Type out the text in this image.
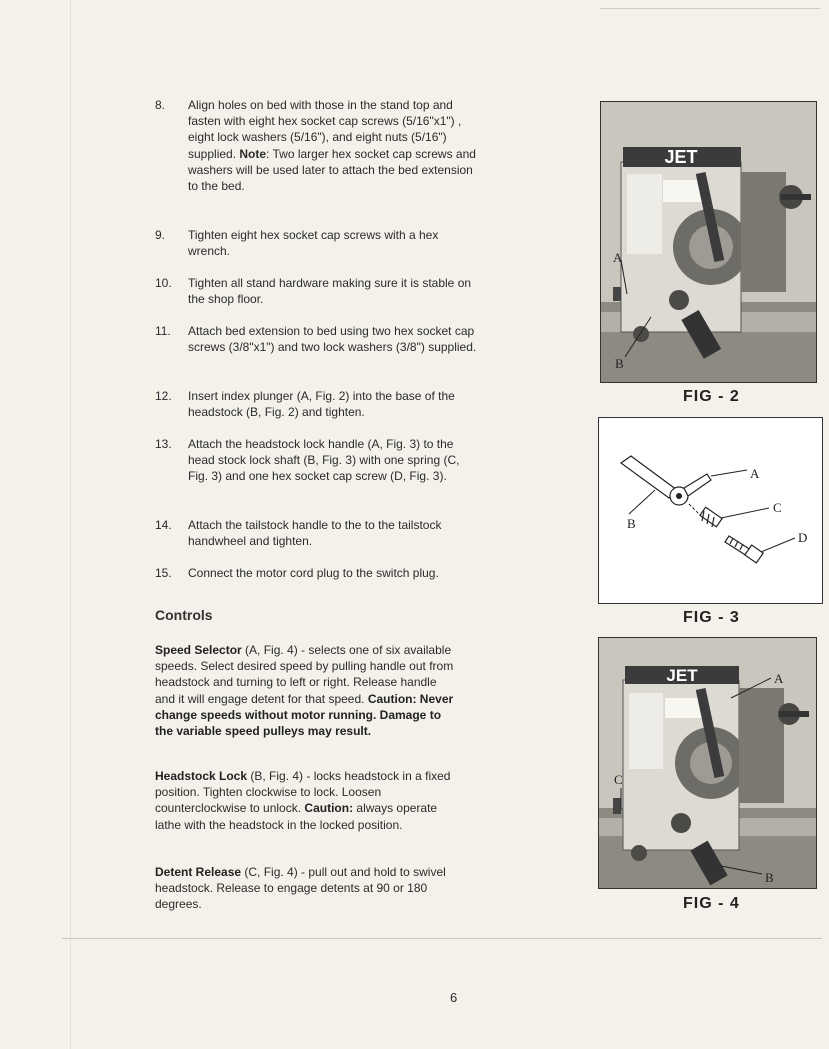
8.	Align holes on bed with those in the stand top and fasten with eight hex socket cap screws (5/16"x1") , eight lock washers (5/16"), and eight nuts (5/16") supplied. Note: Two larger hex socket cap screws and washers will be used later to attach the bed extension to the bed.
9.	Tighten eight hex socket cap screws with a hex wrench.
10.	Tighten all stand hardware making sure it is stable on the shop floor.
11.	Attach bed extension to bed using two hex socket cap screws (3/8"x1") and two lock washers (3/8") supplied.
12.	Insert index plunger (A, Fig. 2) into the base of the headstock (B, Fig. 2) and tighten.
13.	Attach the headstock lock handle (A, Fig. 3) to the head stock lock shaft (B, Fig. 3) with one spring (C, Fig. 3) and one hex socket cap screw (D, Fig. 3).
14.	Attach the tailstock handle to the to the tailstock handwheel and tighten.
15.	Connect the motor cord plug to the switch plug.
Controls
Speed Selector (A, Fig. 4) - selects one of six available speeds. Select desired speed by pulling handle out from headstock and turning to left or right. Release handle and it will engage detent for that speed. Caution: Never change speeds without motor running. Damage to the variable speed pulleys may result.
Headstock Lock (B, Fig. 4) - locks headstock in a fixed position. Tighten clockwise to lock. Loosen counterclockwise to unlock. Caution: always operate lathe with the headstock in the locked position.
Detent Release (C, Fig. 4) - pull out and hold to swivel headstock. Release to engage detents at 90 or 180 degrees.
JET
A
B
FIG - 2
B
A
C
D
FIG - 3
JET	A
C
B
FIG - 4
6
